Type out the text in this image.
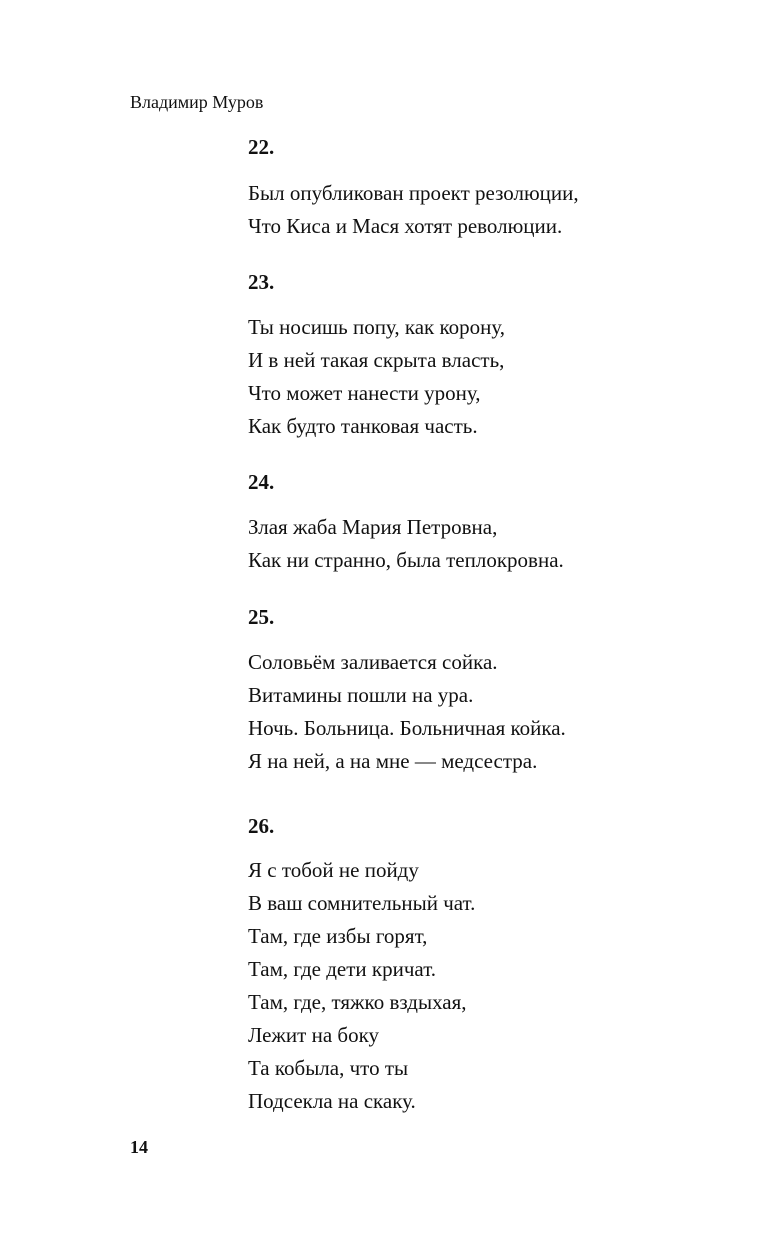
Владимир Муров
22.
Был опубликован проект резолюции,
Что Киса и Мася хотят революции.
23.
Ты носишь попу, как корону,
И в ней такая скрыта власть,
Что может нанести урону,
Как будто танковая часть.
24.
Злая жаба Мария Петровна,
Как ни странно, была теплокровна.
25.
Соловьём заливается сойка.
Витамины пошли на ура.
Ночь. Больница. Больничная койка.
Я на ней, а на мне — медсестра.
26.
Я с тобой не пойду
В ваш сомнительный чат.
Там, где избы горят,
Там, где дети кричат.
Там, где, тяжко вздыхая,
Лежит на боку
Та кобыла, что ты
Подсекла на скаку.
14
